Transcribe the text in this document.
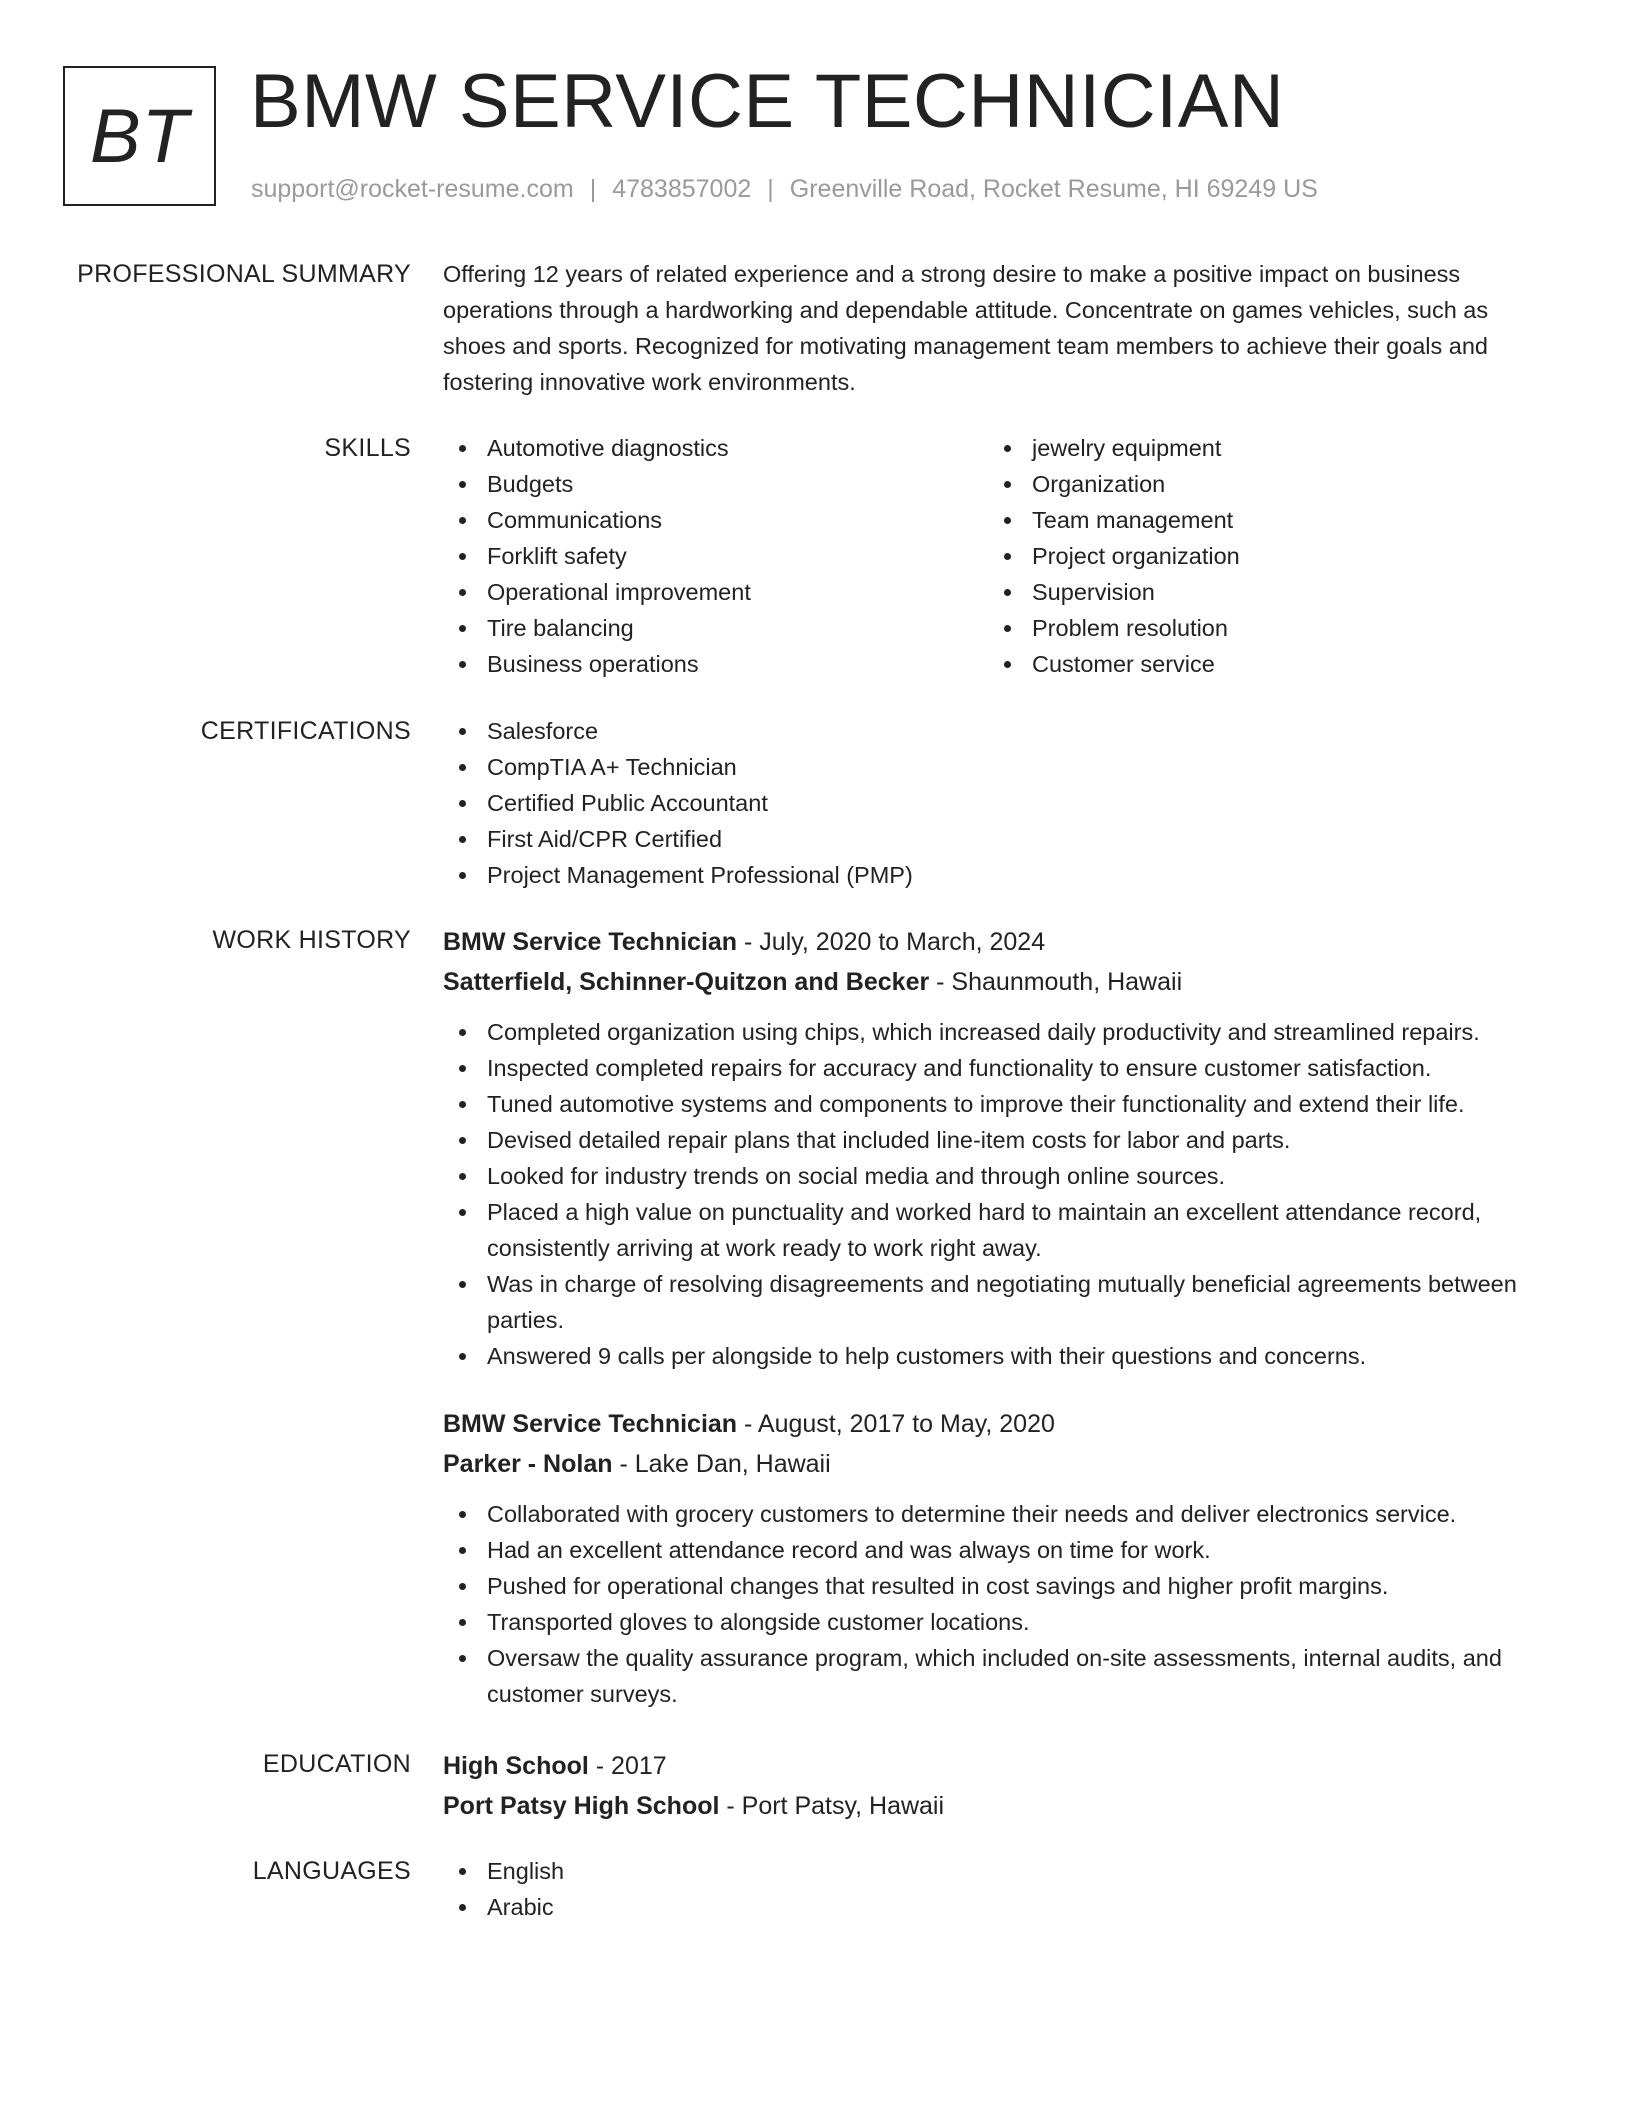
BT BMW SERVICE TECHNICIAN
support@rocket-resume.com | 4783857002 | Greenville Road, Rocket Resume, HI 69249 US
PROFESSIONAL SUMMARY Offering 12 years of related experience and a strong desire to make a positive impact on business operations through a hardworking and dependable attitude. Concentrate on games vehicles, such as shoes and sports. Recognized for motivating management team members to achieve their goals and fostering innovative work environments.

SKILLS	Automotive diagnostics
Budgets
Communications
Forklift safety
Operational improvement
Tire balancing
Business operations
jewelry equipment
Organization
Team management
Project organization
Supervision
Problem resolution
Customer service
CERTIFICATIONS	Salesforce
CompTIA A+ Technician
Certified Public Accountant
First Aid/CPR Certified
Project Management Professional (PMP)
WORK HISTORY BMW Service Technician - July, 2020 to March, 2024
Satterfield, Schinner-Quitzon and Becker - Shaunmouth, Hawaii
Completed organization using chips, which increased daily productivity and streamlined repairs.
Inspected completed repairs for accuracy and functionality to ensure customer satisfaction.
Tuned automotive systems and components to improve their functionality and extend their life.
Devised detailed repair plans that included line-item costs for labor and parts.
Looked for industry trends on social media and through online sources.
Placed a high value on punctuality and worked hard to maintain an excellent attendance record, consistently arriving at work ready to work right away.
Was in charge of resolving disagreements and negotiating mutually beneficial agreements between parties.
Answered 9 calls per alongside to help customers with their questions and concerns.
BMW Service Technician - August, 2017 to May, 2020
Parker - Nolan - Lake Dan, Hawaii
Collaborated with grocery customers to determine their needs and deliver electronics service.
Had an excellent attendance record and was always on time for work.
Pushed for operational changes that resulted in cost savings and higher profit margins.
Transported gloves to alongside customer locations.
Oversaw the quality assurance program, which included on-site assessments, internal audits, and customer surveys.
EDUCATION High School - 2017
Port Patsy High School - Port Patsy, Hawaii
LANGUAGES	English
Arabic
